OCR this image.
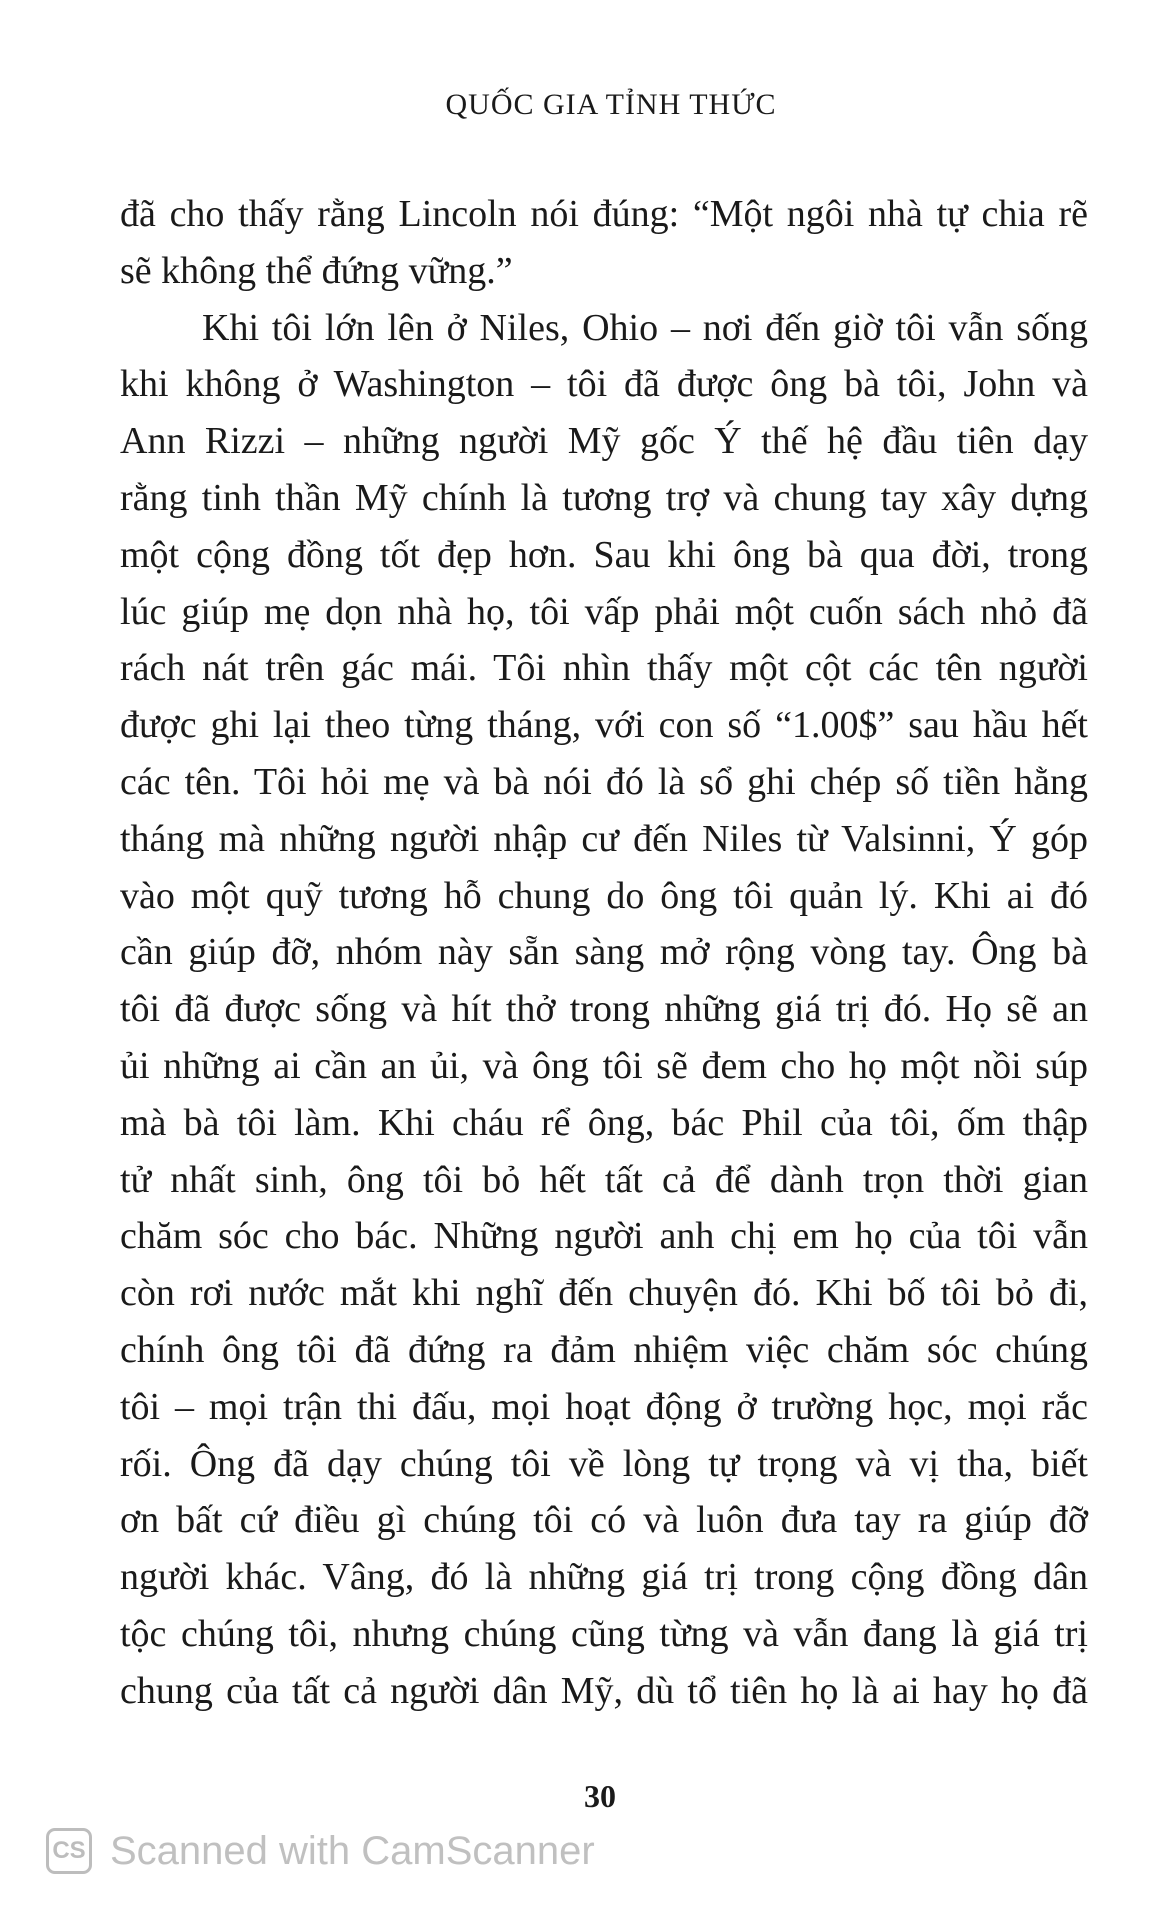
QUỐC GIA TỈNH THỨC
đã cho thấy rằng Lincoln nói đúng: “Một ngôi nhà tự chia rẽ
sẽ không thể đứng vững.”
Khi tôi lớn lên ở Niles, Ohio – nơi đến giờ tôi vẫn sống
khi không ở Washington – tôi đã được ông bà tôi, John và
Ann Rizzi – những người Mỹ gốc Ý thế hệ đầu tiên dạy
rằng tinh thần Mỹ chính là tương trợ và chung tay xây dựng
một cộng đồng tốt đẹp hơn. Sau khi ông bà qua đời, trong
lúc giúp mẹ dọn nhà họ, tôi vấp phải một cuốn sách nhỏ đã
rách nát trên gác mái. Tôi nhìn thấy một cột các tên người
được ghi lại theo từng tháng, với con số “1.00$” sau hầu hết
các tên. Tôi hỏi mẹ và bà nói đó là sổ ghi chép số tiền hằng
tháng mà những người nhập cư đến Niles từ Valsinni, Ý góp
vào một quỹ tương hỗ chung do ông tôi quản lý. Khi ai đó
cần giúp đỡ, nhóm này sẵn sàng mở rộng vòng tay. Ông bà
tôi đã được sống và hít thở trong những giá trị đó. Họ sẽ an
ủi những ai cần an ủi, và ông tôi sẽ đem cho họ một nồi súp
mà bà tôi làm. Khi cháu rể ông, bác Phil của tôi, ốm thập
tử nhất sinh, ông tôi bỏ hết tất cả để dành trọn thời gian
chăm sóc cho bác. Những người anh chị em họ của tôi vẫn
còn rơi nước mắt khi nghĩ đến chuyện đó. Khi bố tôi bỏ đi,
chính ông tôi đã đứng ra đảm nhiệm việc chăm sóc chúng
tôi – mọi trận thi đấu, mọi hoạt động ở trường học, mọi rắc
rối. Ông đã dạy chúng tôi về lòng tự trọng và vị tha, biết
ơn bất cứ điều gì chúng tôi có và luôn đưa tay ra giúp đỡ
người khác. Vâng, đó là những giá trị trong cộng đồng dân
tộc chúng tôi, nhưng chúng cũng từng và vẫn đang là giá trị
chung của tất cả người dân Mỹ, dù tổ tiên họ là ai hay họ đã
30
CS Scanned with CamScanner
